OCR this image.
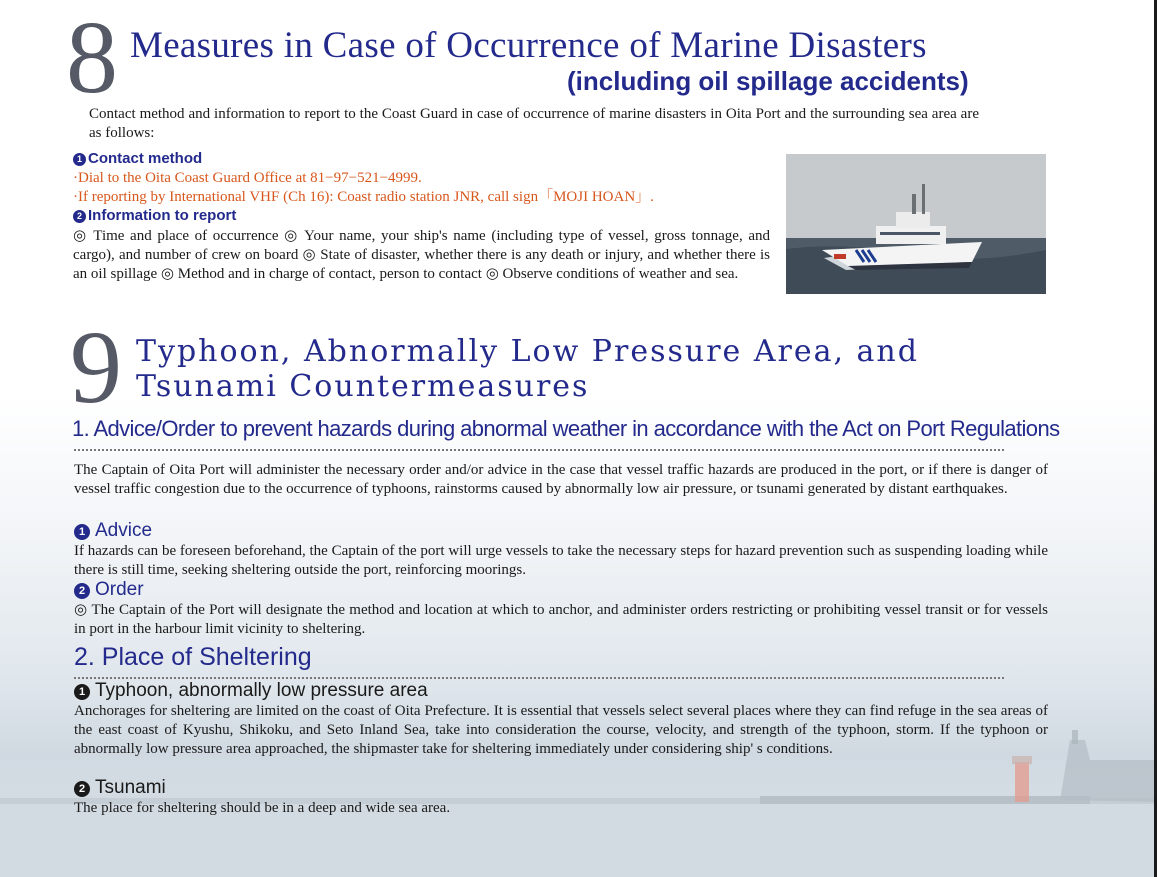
8 Measures in Case of Occurrence of Marine Disasters
(including oil spillage accidents)
Contact method and information to report to the Coast Guard in case of occurrence of marine disasters in Oita Port and the surrounding sea area are as follows:
1 Contact method
·Dial to the Oita Coast Guard Office at 81−97−521−4999.
·If reporting by International VHF (Ch 16): Coast radio station JNR, call sign「MOJI HOAN」.
2 Information to report
◎ Time and place of occurrence ◎ Your name, your ship's name (including type of vessel, gross tonnage, and cargo), and number of crew on board ◎ State of disaster, whether there is any death or injury, and whether there is an oil spillage ◎ Method and in charge of contact, person to contact ◎ Observe conditions of weather and sea.
9 Typhoon, Abnormally Low Pressure Area, and
Tsunami Countermeasures
1. Advice/Order to prevent hazards during abnormal weather in accordance with the Act on Port Regulations
The Captain of Oita Port will administer the necessary order and/or advice in the case that vessel traffic hazards are produced in the port, or if there is danger of vessel traffic congestion due to the occurrence of typhoons, rainstorms caused by abnormally low air pressure, or tsunami generated by distant earthquakes.
1 Advice
If hazards can be foreseen beforehand, the Captain of the port will urge vessels to take the necessary steps for hazard prevention such as suspending loading while there is still time, seeking sheltering outside the port, reinforcing moorings.
2 Order
◎ The Captain of the Port will designate the method and location at which to anchor, and administer orders restricting or prohibiting vessel transit or for vessels in port in the harbour limit vicinity to sheltering.
2. Place of Sheltering
1 Typhoon, abnormally low pressure area
Anchorages for sheltering are limited on the coast of Oita Prefecture. It is essential that vessels select several places where they can find refuge in the sea areas of the east coast of Kyushu, Shikoku, and Seto Inland Sea, take into consideration the course, velocity, and strength of the typhoon, storm. If the typhoon or abnormally low pressure area approached, the shipmaster take for sheltering immediately under considering ship' s conditions.
2 Tsunami
The place for sheltering should be in a deep and wide sea area.
